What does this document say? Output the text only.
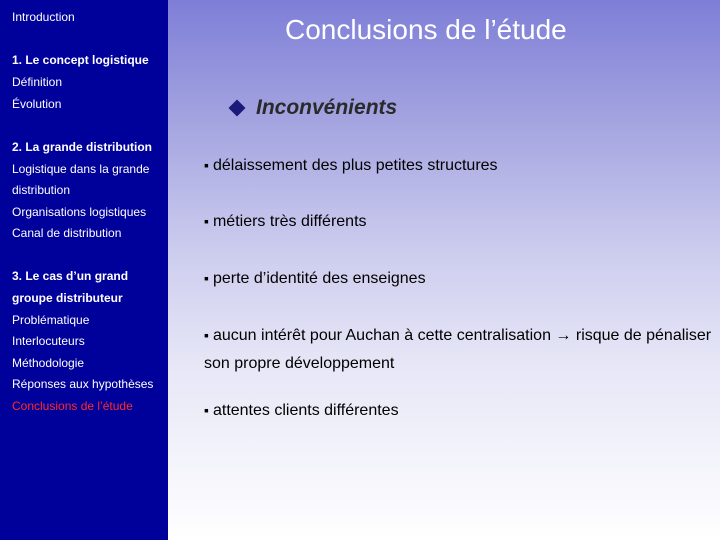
Introduction
1. Le concept logistique
Définition
Évolution
2. La grande distribution
Logistique dans la grande
distribution
Organisations logistiques
Canal de distribution
3. Le cas d’un grand
groupe distributeur
Problématique
Interlocuteurs
Méthodologie
Réponses aux hypothèses
Conclusions de l’étude
Conclusions de l’étude
Inconvénients
▪ délaissement des plus petites structures
▪ métiers très différents
▪ perte d’identité des enseignes
▪ aucun intérêt pour Auchan à cette centralisation → risque de pénaliser son propre développement
▪ attentes clients différentes
